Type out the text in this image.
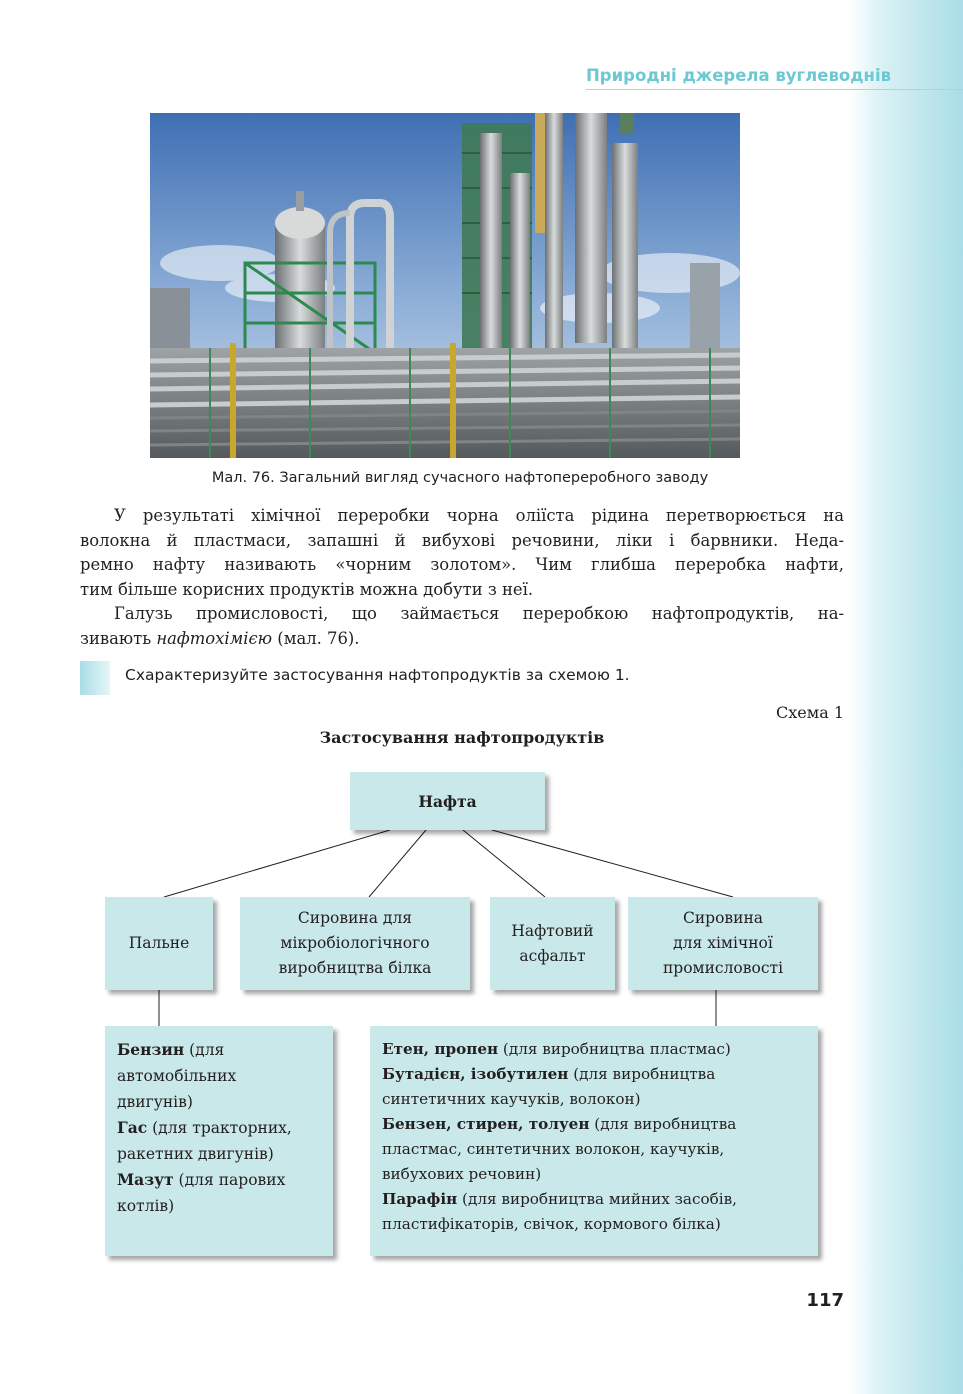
Природні джерела вуглеводнів
Мал. 76. Загальний вигляд сучасного нафтопереробного заводу

У результаті хімічної переробки чорна оліїста рідина перетворюється на
волокна й пластмаси, запашні й вибухові речовини, ліки і барвники. Неда-
ремно нафту називають «чорним золотом». Чим глибша переробка нафти,
тим більше корисних продуктів можна добути з неї.

Галузь промисловості, що займається переробкою нафтопродуктів, на-
зивають нафтохімією (мал. 76).

Схарактеризуйте застосування нафтопродуктів за схемою 1.
Схема 1
Застосування нафтопродуктів
Нафта
Пальне
Сировина для
мікробіологічного
виробництва білка
Нафтовий
асфальт
Сировина
для хімічної
промисловості
Бензин (для
автомобільних
двигунів)
Гас (для тракторних,
ракетних двигунів)
Мазут (для парових
котлів)
Етен, пропен (для виробництва пластмас)
Бутадієн, ізобутилен (для виробництва
синтетичних каучуків, волокон)
Бензен, стирен, толуен (для виробництва
пластмас, синтетичних волокон, каучуків,
вибухових речовин)
Парафін (для виробництва мийних засобів,
пластифікаторів, свічок, кормового білка)
117
